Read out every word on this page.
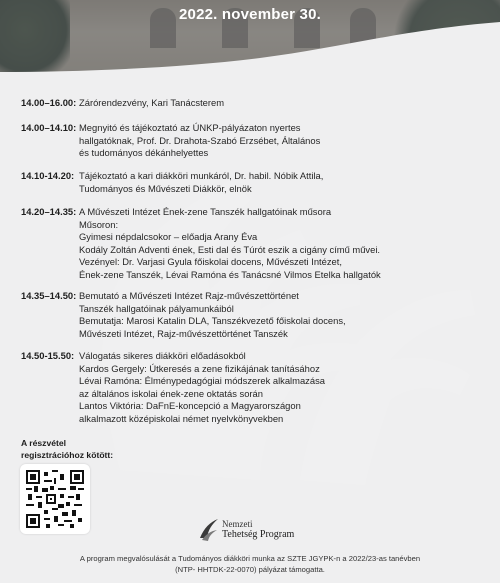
2022. november 30.
14.00–16.00: Zárórendezvény, Kari Tanácsterem
14.00–14.10: Megnyitó és tájékoztató az ÚNKP-pályázaton nyertes
hallgatóknak, Prof. Dr. Drahota-Szabó Erzsébet, Általános
és tudományos dékánhelyettes
14.10-14.20: Tájékoztató a kari diákköri munkáról, Dr. habil. Nóbik Attila,
Tudományos és Művészeti Diákkör, elnök
14.20–14.35: A Művészeti Intézet Ének-zene Tanszék hallgatóinak műsora
Műsoron:
Gyimesi népdalcsokor – előadja Arany Éva
Kodály Zoltán Adventi ének, Esti dal és Túrót eszik a cigány című művei.
Vezényel: Dr. Varjasi Gyula főiskolai docens, Művészeti Intézet,
Ének-zene Tanszék, Lévai Ramóna és Tanácsné Vilmos Etelka hallgatók
14.35–14.50: Bemutató a Művészeti Intézet Rajz-művészettörténet
Tanszék hallgatóinak pályamunkáiból
Bemutatja: Marosi Katalin DLA, Tanszékvezető főiskolai docens,
Művészeti Intézet, Rajz-művészettörténet Tanszék
14.50-15.50: Válogatás sikeres diákköri előadásokból
Kardos Gergely: Útkeresés a zene fizikájának tanításához
Lévai Ramóna: Élménypedagógiai módszerek alkalmazása
az általános iskolai ének-zene oktatás során
Lantos Viktória: DaFnE-koncepció a Magyarországon
alkalmazott középiskolai német nyelvkönyvekben
A részvétel
regisztrációhoz kötött:
Nemzeti
Tehetség Program
A program megvalósulását a Tudományos diákköri munka az SZTE JGYPK-n a 2022/23-as tanévben
(NTP- HHTDK-22-0070) pályázat támogatta.
